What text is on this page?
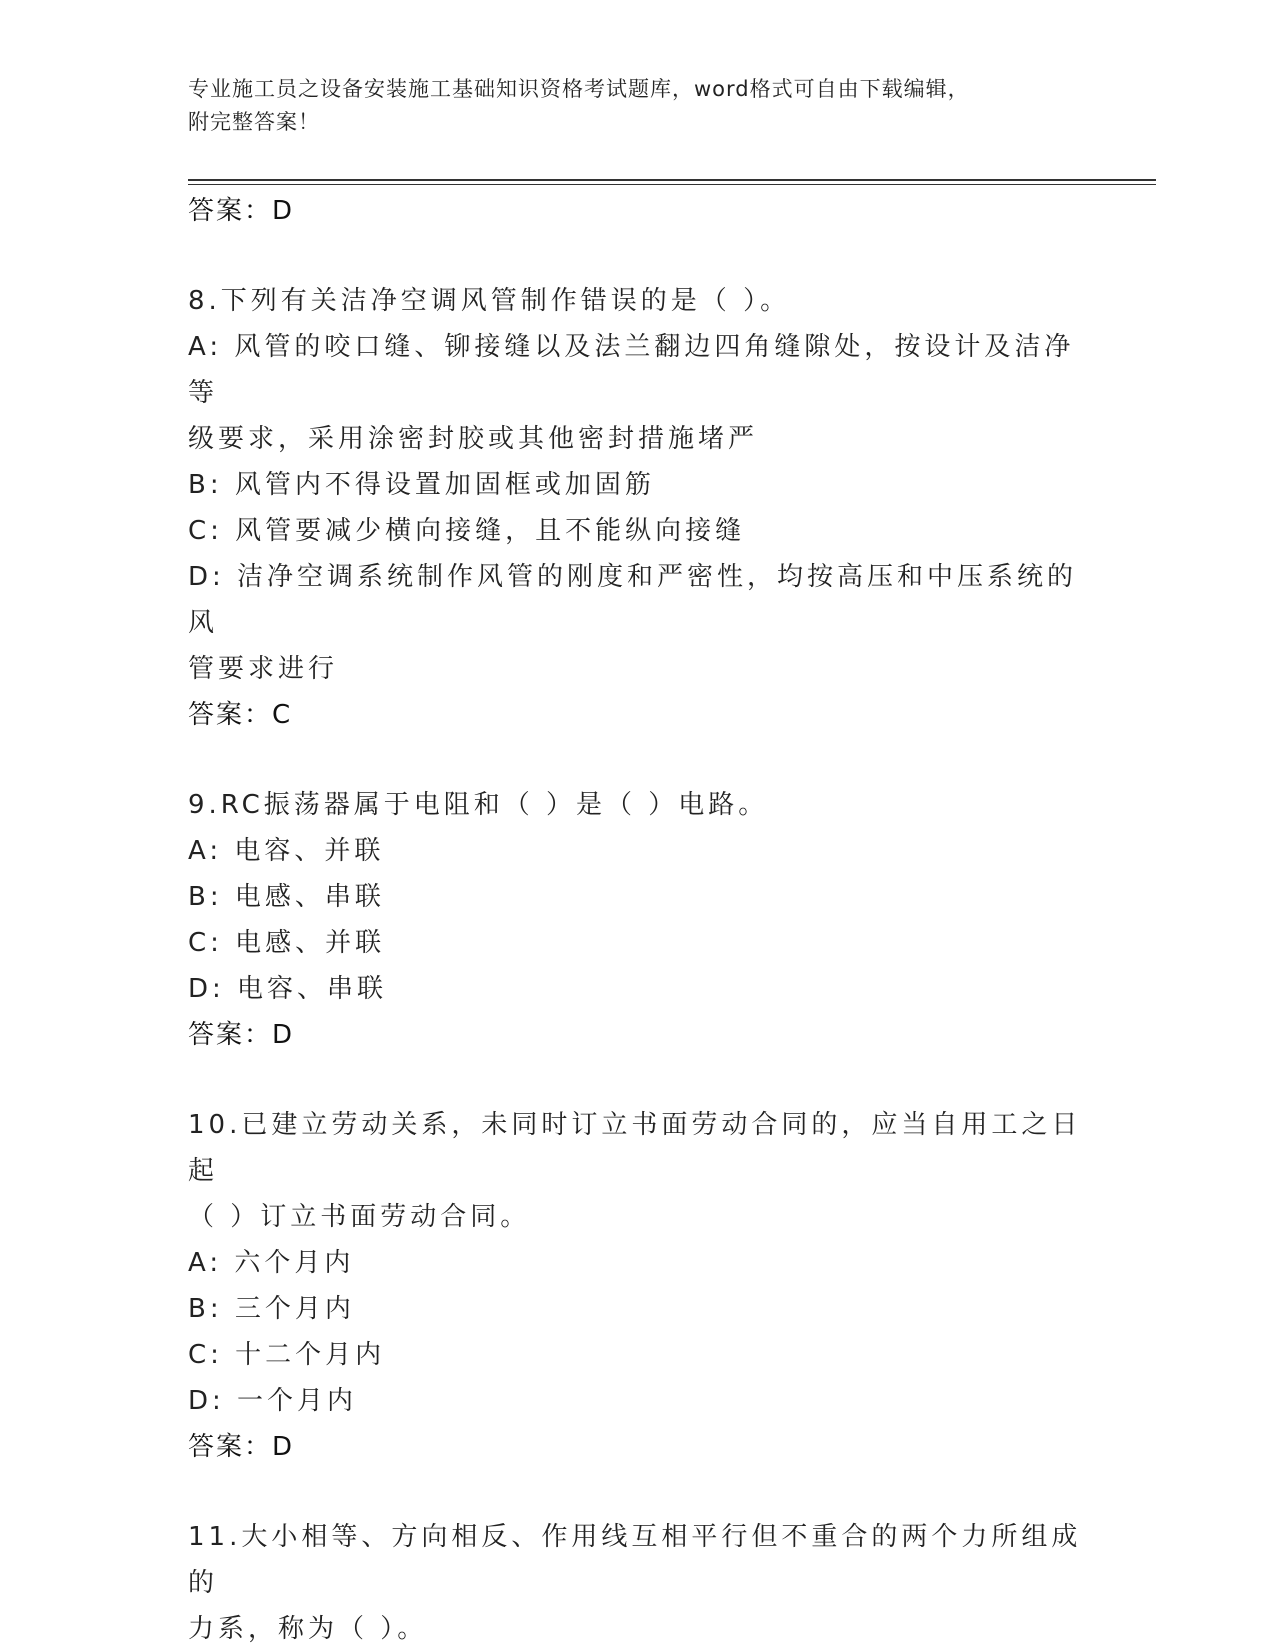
专业施工员之设备安装施工基础知识资格考试题库，word格式可自由下载编辑，
附完整答案！
答案：D
8.下列有关洁净空调风管制作错误的是（ ）。
A: 风管的咬口缝、铆接缝以及法兰翻边四角缝隙处，按设计及洁净等
级要求，采用涂密封胶或其他密封措施堵严
B: 风管内不得设置加固框或加固筋
C: 风管要减少横向接缝，且不能纵向接缝
D: 洁净空调系统制作风管的刚度和严密性，均按高压和中压系统的风
管要求进行
答案：C
9.RC振荡器属于电阻和（ ）是（ ）电路。
A: 电容、并联
B: 电感、串联
C: 电感、并联
D: 电容、串联
答案：D
10.已建立劳动关系，未同时订立书面劳动合同的，应当自用工之日起
（ ）订立书面劳动合同。
A: 六个月内
B: 三个月内
C: 十二个月内
D: 一个月内
答案：D
11.大小相等、方向相反、作用线互相平行但不重合的两个力所组成的
力系，称为（ ）。
